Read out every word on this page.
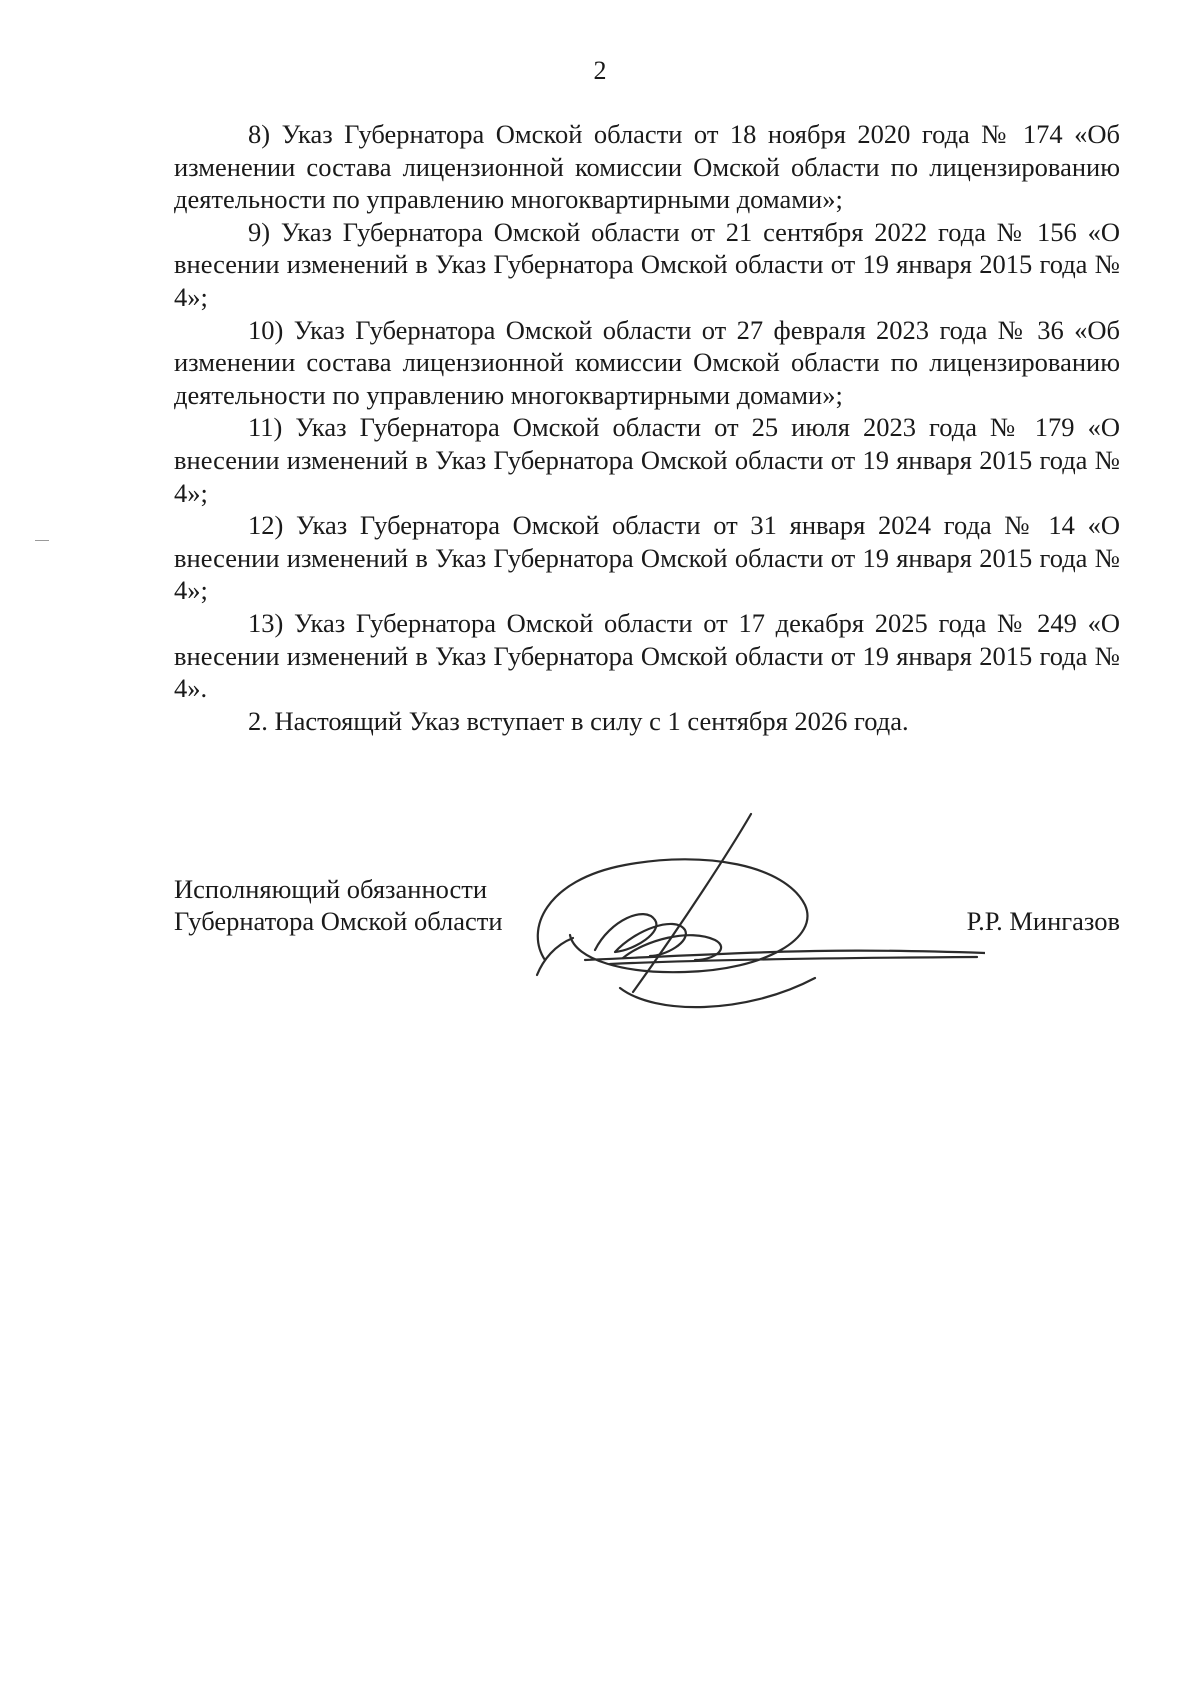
2

8) Указ Губернатора Омской области от 18 ноября 2020 года № 174 «Об изменении состава лицензионной комиссии Омской области по лицензированию деятельности по управлению многоквартирными домами»;

9) Указ Губернатора Омской области от 21 сентября 2022 года № 156 «О внесении изменений в Указ Губернатора Омской области от 19 января 2015 года № 4»;

10) Указ Губернатора Омской области от 27 февраля 2023 года № 36 «Об изменении состава лицензионной комиссии Омской области по лицензированию деятельности по управлению многоквартирными домами»;

11) Указ Губернатора Омской области от 25 июля 2023 года № 179 «О внесении изменений в Указ Губернатора Омской области от 19 января 2015 года № 4»;

12) Указ Губернатора Омской области от 31 января 2024 года № 14 «О внесении изменений в Указ Губернатора Омской области от 19 января 2015 года № 4»;

13) Указ Губернатора Омской области от 17 декабря 2025 года № 249 «О внесении изменений в Указ Губернатора Омской области от 19 января 2015 года № 4».

2. Настоящий Указ вступает в силу с 1 сентября 2026 года.

Исполняющий обязанности
Губернатора Омской области	Р.Р. Мингазов
